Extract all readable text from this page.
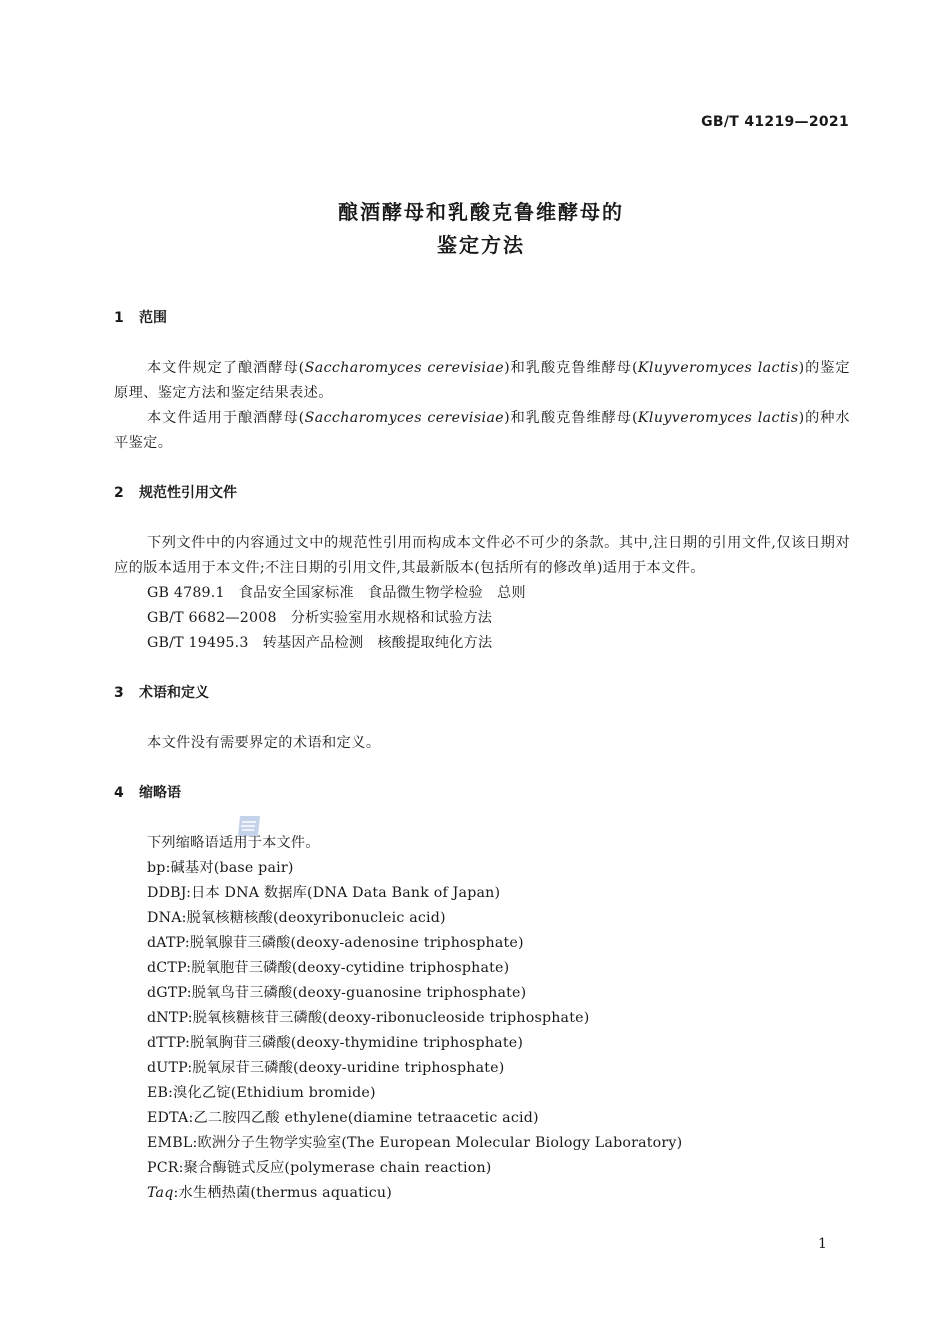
GB/T 41219—2021
酿酒酵母和乳酸克鲁维酵母的
鉴定方法
1 范围

本文件规定了酿酒酵母(Saccharomyces cerevisiae)和乳酸克鲁维酵母(Kluyveromyces lactis)的鉴定原理、鉴定方法和鉴定结果表述。

本文件适用于酿酒酵母(Saccharomyces cerevisiae)和乳酸克鲁维酵母(Kluyveromyces lactis)的种水平鉴定。

2 规范性引用文件

下列文件中的内容通过文中的规范性引用而构成本文件必不可少的条款。其中,注日期的引用文件,仅该日期对应的版本适用于本文件;不注日期的引用文件,其最新版本(包括所有的修改单)适用于本文件。

GB 4789.1 食品安全国家标准 食品微生物学检验 总则

GB/T 6682—2008 分析实验室用水规格和试验方法

GB/T 19495.3 转基因产品检测 核酸提取纯化方法

3 术语和定义

本文件没有需要界定的术语和定义。

4 缩略语

下列缩略语适用于本文件。

bp:碱基对(base pair)

DDBJ:日本 DNA 数据库(DNA Data Bank of Japan)

DNA:脱氧核糖核酸(deoxyribonucleic acid)

dATP:脱氧腺苷三磷酸(deoxy-adenosine triphosphate)

dCTP:脱氧胞苷三磷酸(deoxy-cytidine triphosphate)

dGTP:脱氧鸟苷三磷酸(deoxy-guanosine triphosphate)

dNTP:脱氧核糖核苷三磷酸(deoxy-ribonucleoside triphosphate)

dTTP:脱氧胸苷三磷酸(deoxy-thymidine triphosphate)

dUTP:脱氧尿苷三磷酸(deoxy-uridine triphosphate)

EB:溴化乙锭(Ethidium bromide)

EDTA:乙二胺四乙酸 ethylene(diamine tetraacetic acid)

EMBL:欧洲分子生物学实验室(The European Molecular Biology Laboratory)

PCR:聚合酶链式反应(polymerase chain reaction)

Taq:水生栖热菌(thermus aquaticu)

1
